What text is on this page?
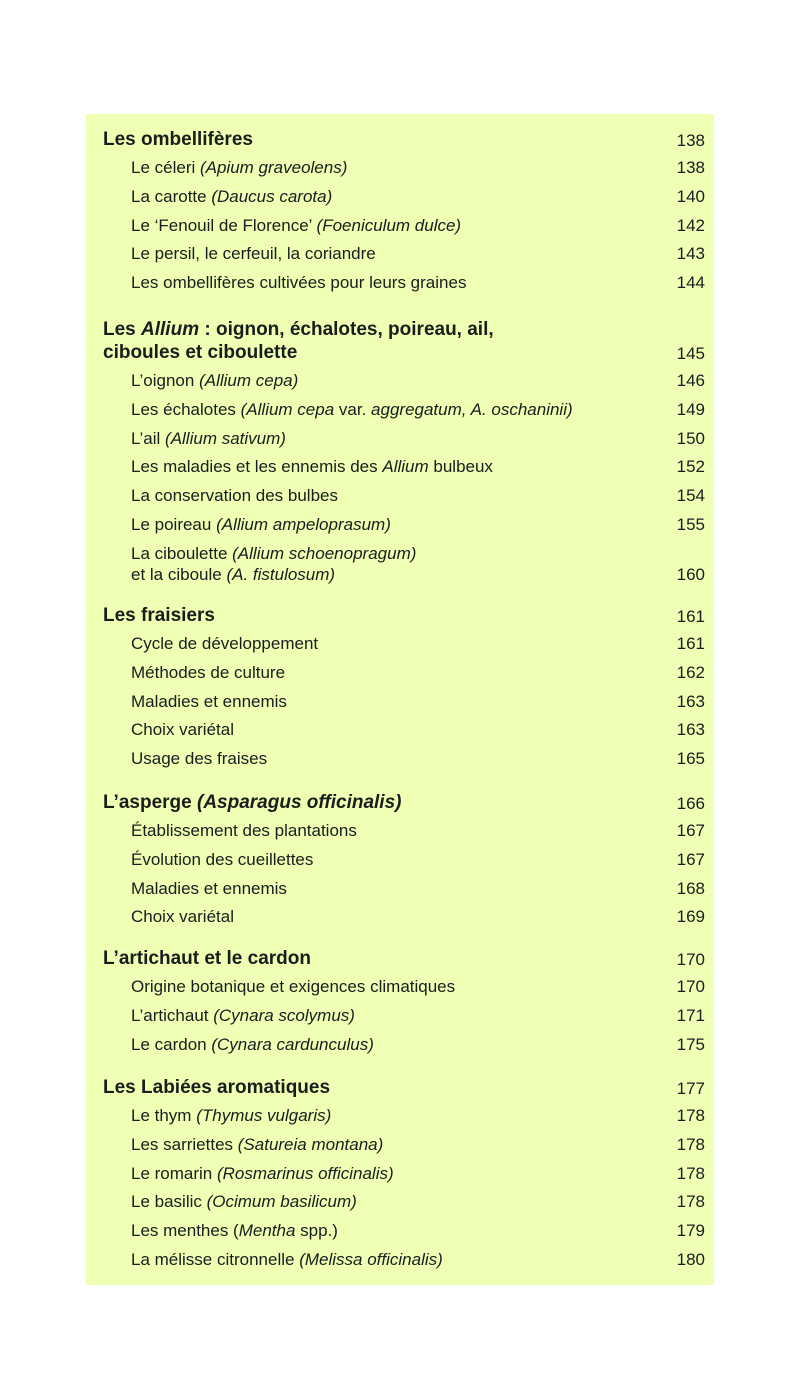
Les ombellifères	138
Le céleri (Apium graveolens)	138
La carotte (Daucus carota)	140
Le ‘Fenouil de Florence’ (Foeniculum dulce)	142
Le persil, le cerfeuil, la coriandre	143
Les ombellifères cultivées pour leurs graines	144
Les Allium : oignon, échalotes, poireau, ail,
ciboules et ciboulette	145
L’oignon (Allium cepa)	146
Les échalotes (Allium cepa var. aggregatum, A. oschaninii)	149
L’ail (Allium sativum)	150
Les maladies et les ennemis des Allium bulbeux	152
La conservation des bulbes	154
Le poireau (Allium ampeloprasum)	155
La ciboulette (Allium schoenopragum)
et la ciboule (A. fistulosum)	160
Les fraisiers	161
Cycle de développement	161
Méthodes de culture	162
Maladies et ennemis	163
Choix variétal	163
Usage des fraises	165
L’asperge (Asparagus officinalis)	166
Établissement des plantations	167
Évolution des cueillettes	167
Maladies et ennemis	168
Choix variétal	169
L’artichaut et le cardon	170
Origine botanique et exigences climatiques	170
L’artichaut (Cynara scolymus)	171
Le cardon (Cynara cardunculus)	175
Les Labiées aromatiques	177
Le thym (Thymus vulgaris)	178
Les sarriettes (Satureia montana)	178
Le romarin (Rosmarinus officinalis)	178
Le basilic (Ocimum basilicum)	178
Les menthes (Mentha spp.)	179
La mélisse citronnelle (Melissa officinalis)	180
